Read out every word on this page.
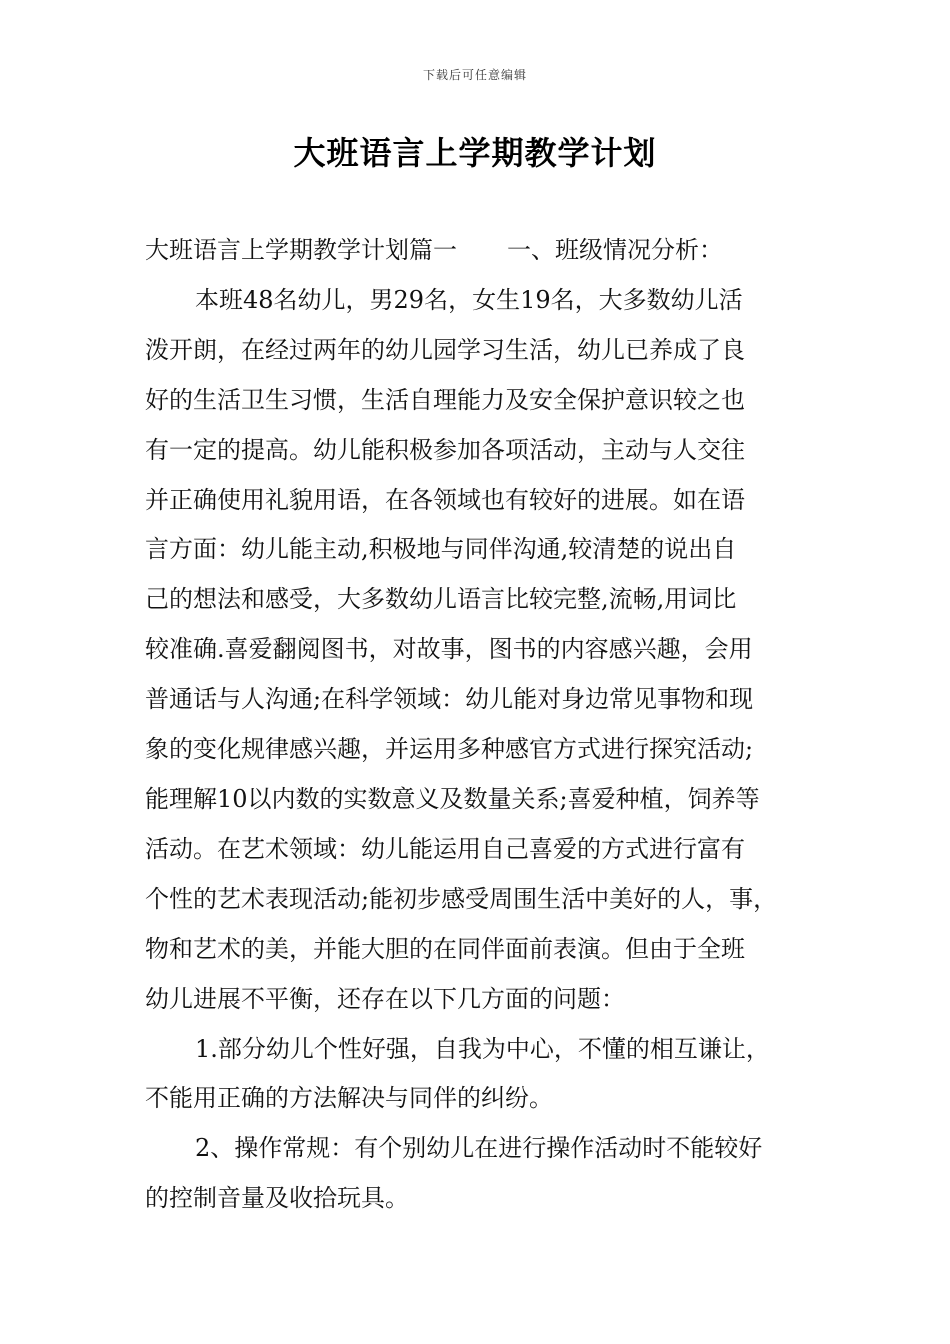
下载后可任意编辑
大班语言上学期教学计划

大班语言上学期教学计划篇一 一、班级情况分析：

本班48名幼儿，男29名，女生19名，大多数幼儿活

泼开朗，在经过两年的幼儿园学习生活，幼儿已养成了良

好的生活卫生习惯，生活自理能力及安全保护意识较之也

有一定的提高。幼儿能积极参加各项活动，主动与人交往

并正确使用礼貌用语，在各领域也有较好的进展。如在语

言方面：幼儿能主动,积极地与同伴沟通,较清楚的说出自

己的想法和感受，大多数幼儿语言比较完整,流畅,用词比

较准确.喜爱翻阅图书，对故事，图书的内容感兴趣，会用

普通话与人沟通;在科学领域：幼儿能对身边常见事物和现

象的变化规律感兴趣，并运用多种感官方式进行探究活动;

能理解10以内数的实数意义及数量关系;喜爱种植，饲养等

活动。在艺术领域：幼儿能运用自己喜爱的方式进行富有

个性的艺术表现活动;能初步感受周围生活中美好的人，事，

物和艺术的美，并能大胆的在同伴面前表演。但由于全班

幼儿进展不平衡，还存在以下几方面的问题：

1.部分幼儿个性好强，自我为中心，不懂的相互谦让，

不能用正确的方法解决与同伴的纠纷。

2、操作常规：有个别幼儿在进行操作活动时不能较好

的控制音量及收拾玩具。
